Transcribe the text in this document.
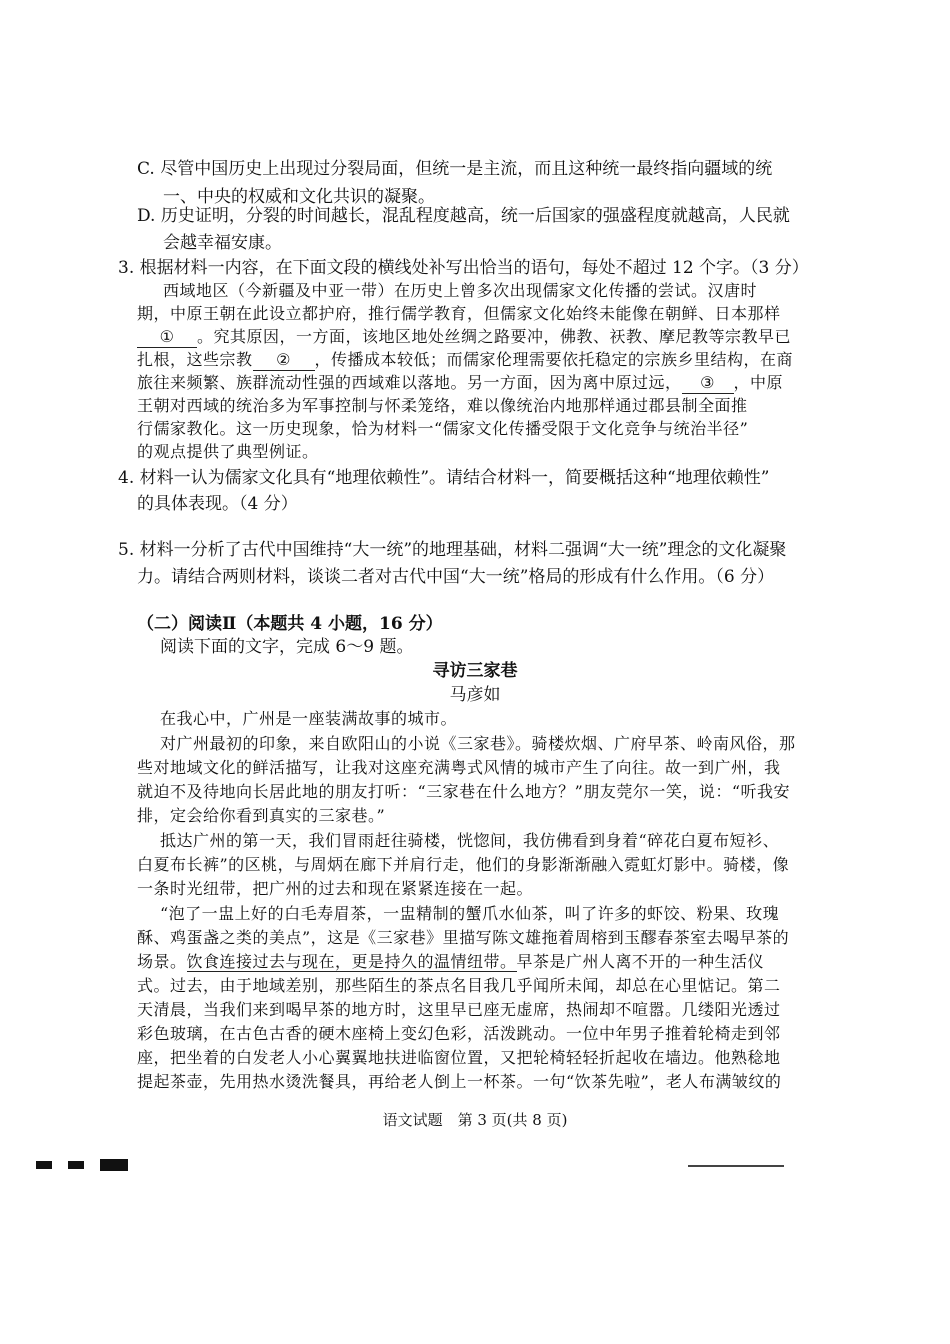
C. 尽管中国历史上出现过分裂局面，但统一是主流，而且这种统一最终指向疆域的统
一、中央的权威和文化共识的凝聚。
D. 历史证明，分裂的时间越长，混乱程度越高，统一后国家的强盛程度就越高，人民就
会越幸福安康。
3. 根据材料一内容，在下面文段的横线处补写出恰当的语句，每处不超过 12 个字。（3 分）
西域地区（今新疆及中亚一带）在历史上曾多次出现儒家文化传播的尝试。汉唐时
期，中原王朝在此设立都护府，推行儒学教育，但儒家文化始终未能像在朝鲜、日本那样
① 。究其原因，一方面，该地区地处丝绸之路要冲，佛教、祆教、摩尼教等宗教早已
扎根，这些宗教 ② ，传播成本较低；而儒家伦理需要依托稳定的宗族乡里结构，在商
旅往来频繁、族群流动性强的西域难以落地。另一方面，因为离中原过远， ③ ，中原
王朝对西域的统治多为军事控制与怀柔笼络，难以像统治内地那样通过郡县制全面推
行儒家教化。这一历史现象，恰为材料一“儒家文化传播受限于文化竞争与统治半径”
的观点提供了典型例证。
4. 材料一认为儒家文化具有“地理依赖性”。请结合材料一，简要概括这种“地理依赖性”
的具体表现。（4 分）
5. 材料一分析了古代中国维持“大一统”的地理基础，材料二强调“大一统”理念的文化凝聚
力。请结合两则材料，谈谈二者对古代中国“大一统”格局的形成有什么作用。（6 分）
（二）阅读Ⅱ（本题共 4 小题，16 分）
阅读下面的文字，完成 6～9 题。
寻访三家巷
马彦如
在我心中，广州是一座装满故事的城市。
对广州最初的印象，来自欧阳山的小说《三家巷》。骑楼炊烟、广府早茶、岭南风俗，那
些对地域文化的鲜活描写，让我对这座充满粤式风情的城市产生了向往。故一到广州，我
就迫不及待地向长居此地的朋友打听：“三家巷在什么地方？”朋友莞尔一笑，说：“听我安
排，定会给你看到真实的三家巷。”
抵达广州的第一天，我们冒雨赶往骑楼，恍惚间，我仿佛看到身着“碎花白夏布短衫、
白夏布长裤”的区桃，与周炳在廊下并肩行走，他们的身影渐渐融入霓虹灯影中。骑楼，像
一条时光纽带，把广州的过去和现在紧紧连接在一起。
“泡了一盅上好的白毛寿眉茶，一盅精制的蟹爪水仙茶，叫了许多的虾饺、粉果、玫瑰
酥、鸡蛋盏之类的美点”，这是《三家巷》里描写陈文雄拖着周榕到玉醪春茶室去喝早茶的
场景。饮食连接过去与现在，更是持久的温情纽带。早茶是广州人离不开的一种生活仪
式。过去，由于地域差别，那些陌生的茶点名目我几乎闻所未闻，却总在心里惦记。第二
天清晨，当我们来到喝早茶的地方时，这里早已座无虚席，热闹却不喧嚣。几缕阳光透过
彩色玻璃，在古色古香的硬木座椅上变幻色彩，活泼跳动。一位中年男子推着轮椅走到邻
座，把坐着的白发老人小心翼翼地扶进临窗位置，又把轮椅轻轻折起收在墙边。他熟稔地
提起茶壶，先用热水烫洗餐具，再给老人倒上一杯茶。一句“饮茶先啦”，老人布满皱纹的
语文试题　第 3 页(共 8 页)
